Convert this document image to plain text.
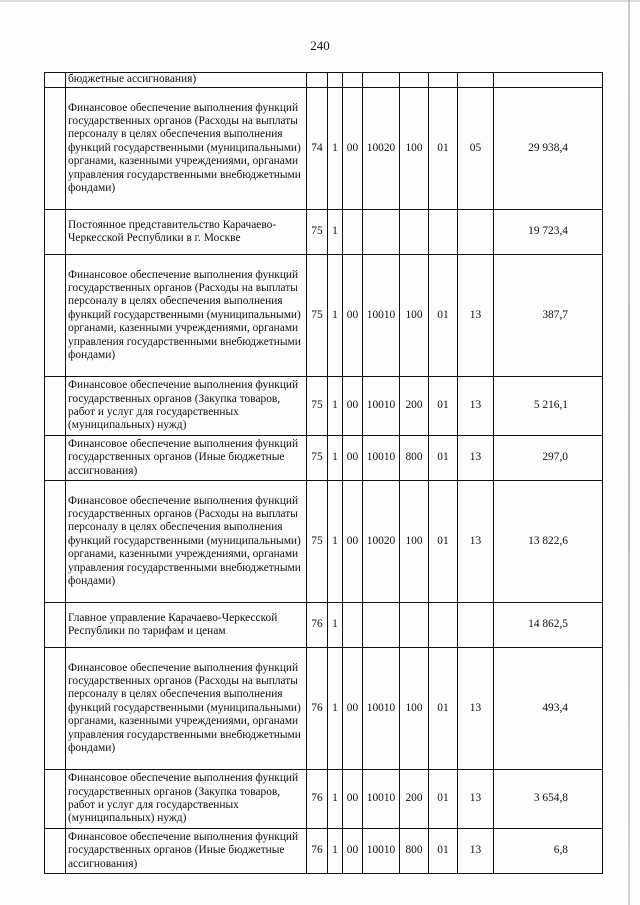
240
	бюджетные ассигнования)								
	Финансовое обеспечение выполнения функций государственных органов (Расходы на выплаты персоналу в целях обеспечения выполнения функций государственными (муниципальными) органами, казенными учреждениями, органами управления государственными внебюджетными фондами)	74	1	00	10020	100	01	05	29 938,4
	Постоянное представительство Карачаево-Черкесской Республики в г. Москве	75	1						19 723,4
	Финансовое обеспечение выполнения функций государственных органов (Расходы на выплаты персоналу в целях обеспечения выполнения функций государственными (муниципальными) органами, казенными учреждениями, органами управления государственными внебюджетными фондами)	75	1	00	10010	100	01	13	387,7
	Финансовое обеспечение выполнения функций государственных органов (Закупка товаров, работ и услуг для государственных (муниципальных) нужд)	75	1	00	10010	200	01	13	5 216,1
	Финансовое обеспечение выполнения функций государственных органов (Иные бюджетные ассигнования)	75	1	00	10010	800	01	13	297,0
	Финансовое обеспечение выполнения функций государственных органов (Расходы на выплаты персоналу в целях обеспечения выполнения функций государственными (муниципальными) органами, казенными учреждениями, органами управления государственными внебюджетными фондами)	75	1	00	10020	100	01	13	13 822,6
	Главное управление Карачаево-Черкесской Республики по тарифам и ценам	76	1						14 862,5
	Финансовое обеспечение выполнения функций государственных органов (Расходы на выплаты персоналу в целях обеспечения выполнения функций государственными (муниципальными) органами, казенными учреждениями, органами управления государственными внебюджетными фондами)	76	1	00	10010	100	01	13	493,4
	Финансовое обеспечение выполнения функций государственных органов (Закупка товаров, работ и услуг для государственных (муниципальных) нужд)	76	1	00	10010	200	01	13	3 654,8
	Финансовое обеспечение выполнения функций государственных органов (Иные бюджетные ассигнования)	76	1	00	10010	800	01	13	6,8
